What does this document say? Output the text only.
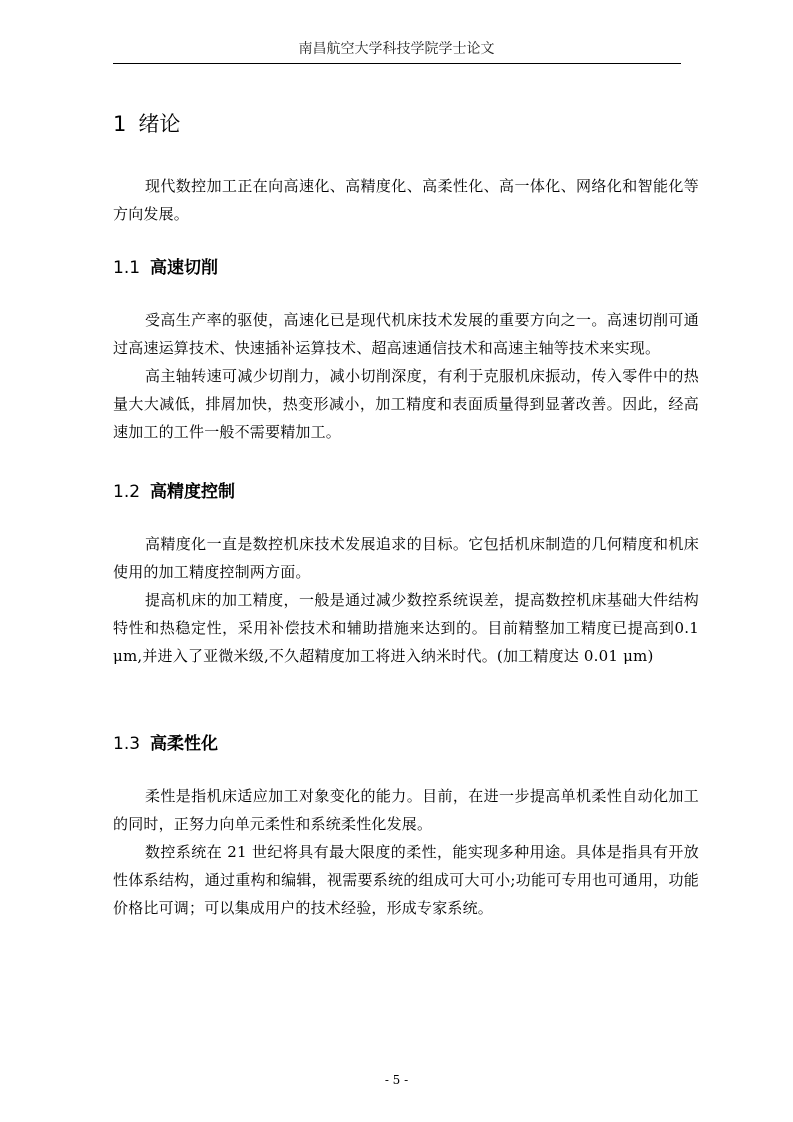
南昌航空大学科技学院学士论文
1 绪论

现代数控加工正在向高速化、高精度化、高柔性化、高一体化、网络化和智能化等方向发展。

1.1 高速切削

受高生产率的驱使，高速化已是现代机床技术发展的重要方向之一。高速切削可通过高速运算技术、快速插补运算技术、超高速通信技术和高速主轴等技术来实现。

高主轴转速可减少切削力，减小切削深度，有利于克服机床振动，传入零件中的热量大大减低，排屑加快，热变形减小，加工精度和表面质量得到显著改善。因此，经高速加工的工件一般不需要精加工。

1.2 高精度控制

高精度化一直是数控机床技术发展追求的目标。它包括机床制造的几何精度和机床使用的加工精度控制两方面。

提高机床的加工精度，一般是通过减少数控系统误差，提高数控机床基础大件结构特性和热稳定性，采用补偿技术和辅助措施来达到的。目前精整加工精度已提高到0.1 μm,并进入了亚微米级,不久超精度加工将进入纳米时代。(加工精度达 0.01 μm)

1.3 高柔性化

柔性是指机床适应加工对象变化的能力。目前，在进一步提高单机柔性自动化加工的同时，正努力向单元柔性和系统柔性化发展。

数控系统在 21 世纪将具有最大限度的柔性，能实现多种用途。具体是指具有开放性体系结构，通过重构和编辑，视需要系统的组成可大可小;功能可专用也可通用，功能价格比可调；可以集成用户的技术经验，形成专家系统。

- 5 -
